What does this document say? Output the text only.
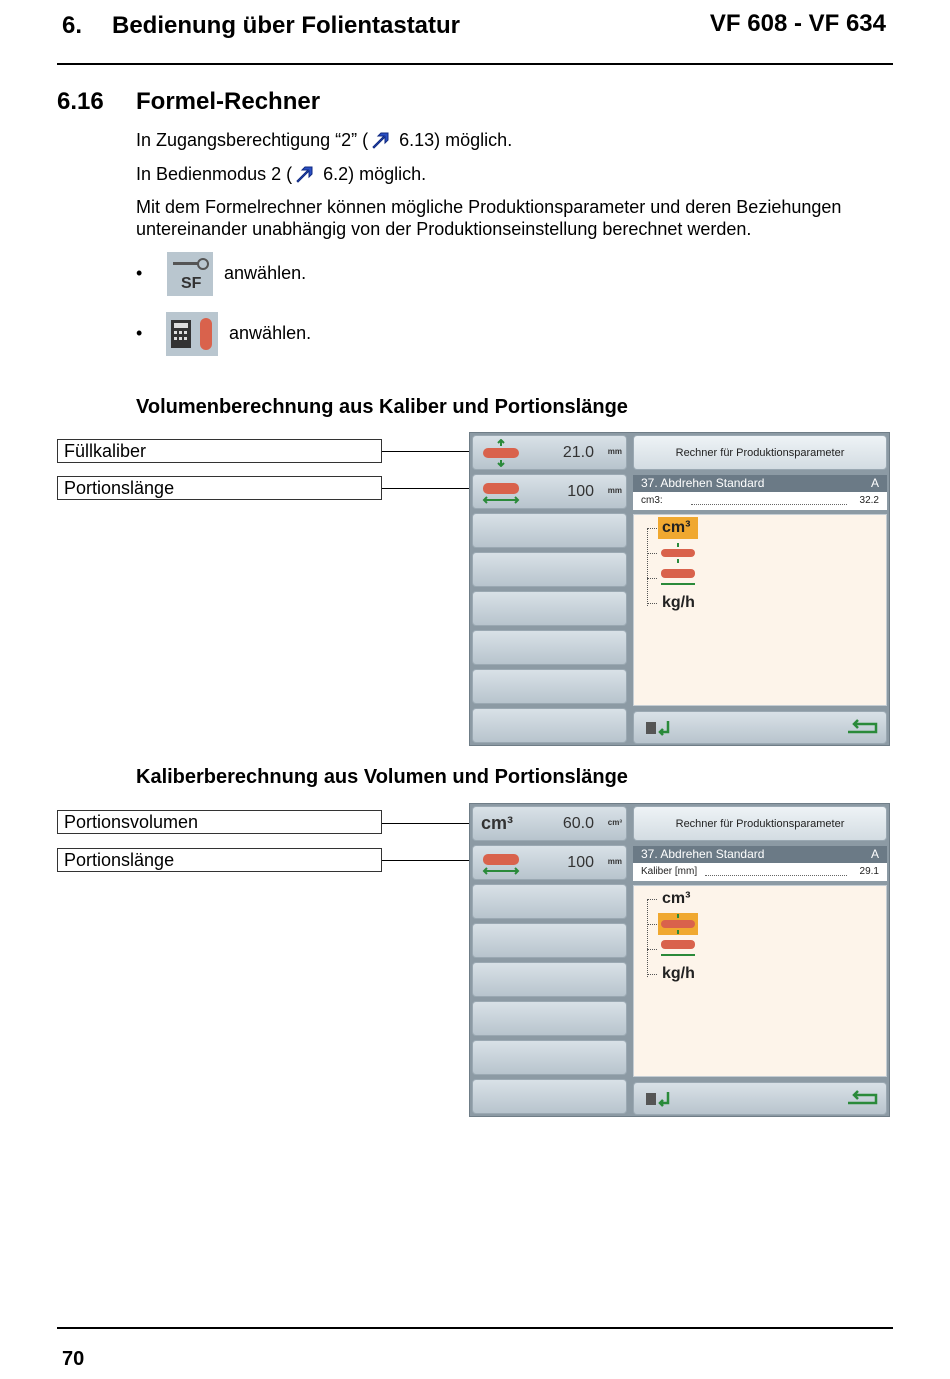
6. Bedienung über Folientastatur	VF 608 - VF 634
6.16 Formel-Rechner
In Zugangsberechtigung “2” ( 6.13) möglich.
In Bedienmodus 2 ( 6.2) möglich.
Mit dem Formelrechner können mögliche Produktionsparameter und deren Beziehungen untereinander unabhängig von der Produktionseinstellung berechnet werden.
•
SF
anwählen.
•	anwählen.
Volumenberechnung aus Kaliber und Portionslänge
Füllkaliber
Portionslänge
21.0 mm
100 mm
Rechner für Produktionsparameter
37. Abdrehen Standard	A
cm3:	32.2
cm³
kg/h
Kaliberberechnung aus Volumen und Portionslänge
Portionsvolumen
Portionslänge
cm³	60.0 cm³
100 mm
Rechner für Produktionsparameter
37. Abdrehen Standard	A
Kaliber [mm]	29.1
cm³
kg/h
70
